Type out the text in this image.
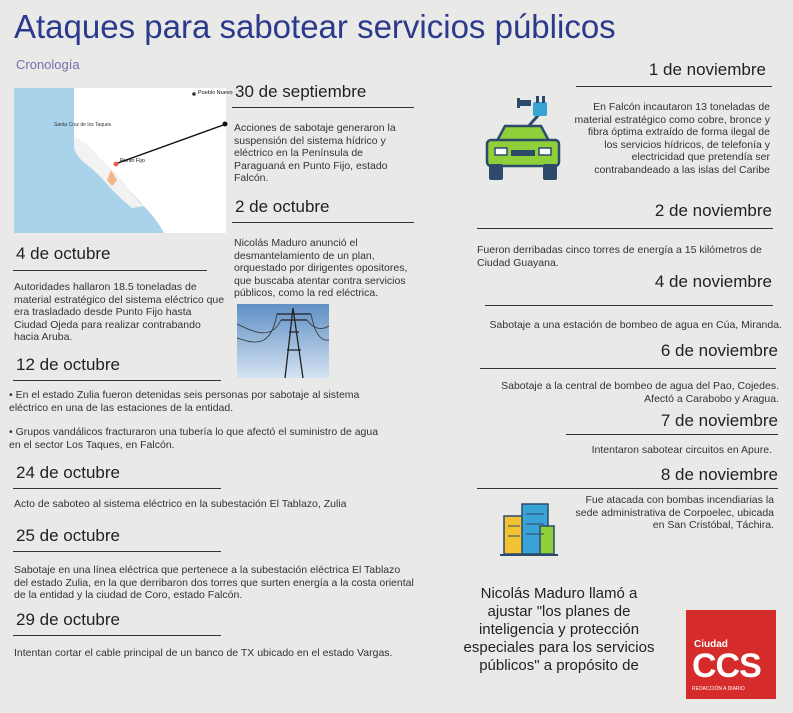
Ataques para sabotear servicios públicos
Cronología
Pueblo Nuevo
Santa Cruz de los Taques
Punto Fijo
30 de septiembre
Acciones de sabotaje generaron la suspensión del sistema hídrico y eléctrico en la Península de Paraguaná en Punto Fijo, estado Falcón.
2 de octubre
Nicolás Maduro anunció el desmantelamiento de un plan, orquestado por dirigentes opositores, que buscaba atentar contra servicios públicos, como la red eléctrica.
4 de octubre
Autoridades hallaron 18.5 toneladas de material estratégico del sistema eléctrico que era trasladado desde Punto Fijo hasta Ciudad Ojeda para realizar contrabando hacia Aruba.
12 de octubre
• En el estado Zulia fueron detenidas seis personas por sabotaje al sistema eléctrico en una de las estaciones de la entidad.
• Grupos vandálicos fracturaron una tubería lo que afectó el suministro de agua en el sector Los Taques, en Falcón.
24 de octubre
Acto de saboteo al sistema eléctrico en la subestación El Tablazo, Zulia
25 de octubre
Sabotaje en una línea eléctrica que pertenece a la subestación eléctrica El Tablazo del estado Zulia, en la que derribaron dos torres que surten energía a la costa oriental de la entidad y la ciudad de Coro, estado Falcón.
29 de octubre
Intentan cortar el cable principal de un banco de TX ubicado en el estado Vargas.
1 de noviembre
En Falcón incautaron 13 toneladas de material estratégico como cobre, bronce y fibra óptima extraído de forma ilegal de los servicios hídricos, de telefonía y electricidad que pretendía ser contrabandeado a las islas del Caribe
2 de noviembre
Fueron derribadas cinco torres de energía a 15 kilómetros de Ciudad Guayana.
4 de noviembre
Sabotaje a una estación de bombeo de agua en Cúa, Miranda.
6 de noviembre
Sabotaje a la central de bombeo de agua del Pao, Cojedes. Afectó a Carabobo y Aragua.
7 de noviembre
Intentaron sabotear circuitos en Apure.
8 de noviembre
Fue atacada con bombas incendiarias la sede administrativa de Corpoelec, ubicada en San Cristóbal, Táchira.
Nicolás Maduro llamó a ajustar "los planes de inteligencia y protección especiales para los servicios públicos" a propósito de
Ciudad
CCS
REDACCIÓN A DIARIO
